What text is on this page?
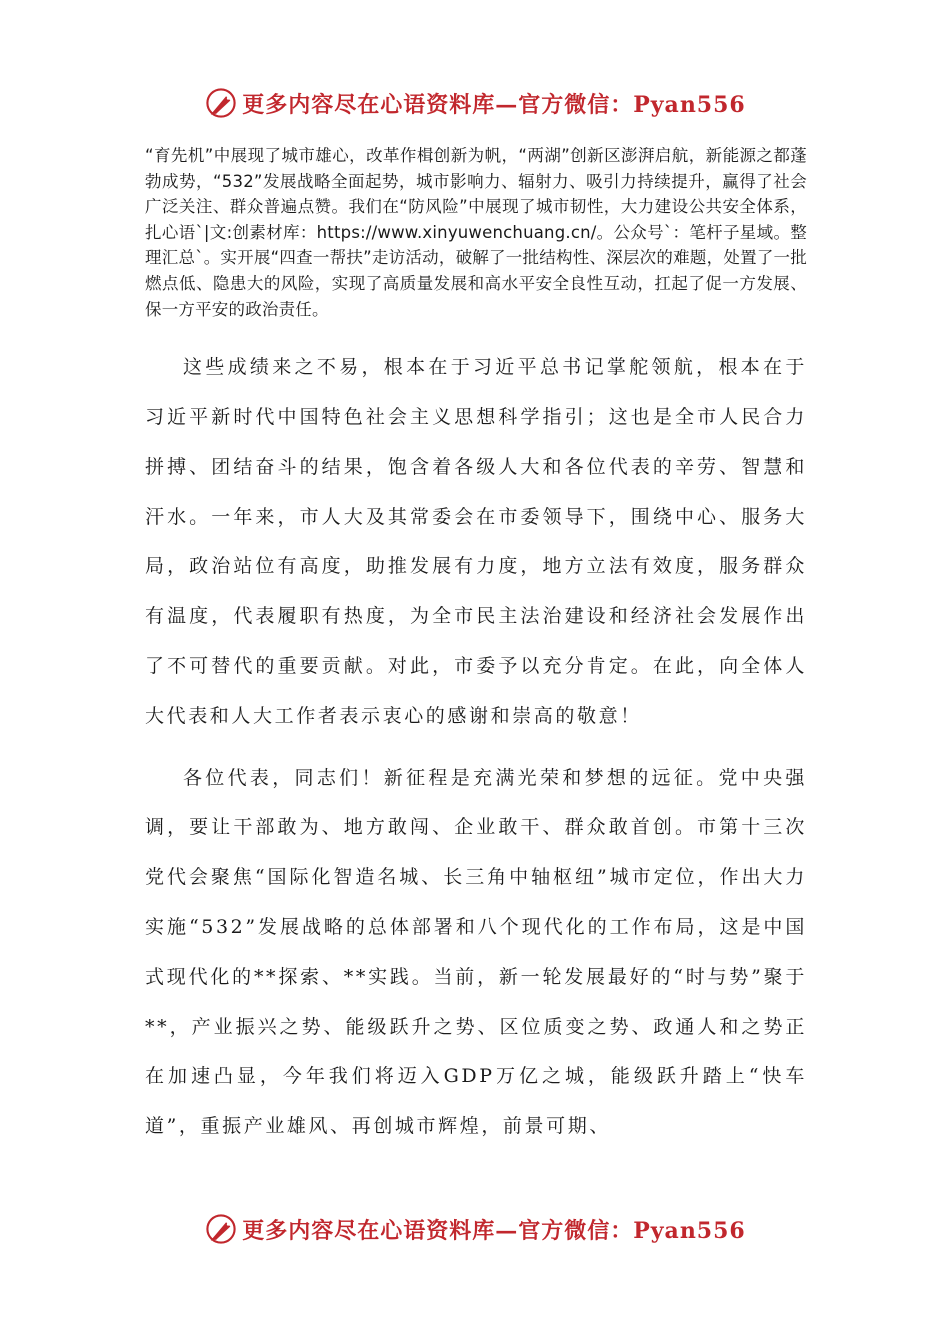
更多内容尽在心语资料库—官方微信：Pyan556

“育先机”中展现了城市雄心，改革作楫创新为帆，“两湖”创新区澎湃启航，新能源之都蓬勃成势，“532”发展战略全面起势，城市影响力、辐射力、吸引力持续提升，赢得了社会广泛关注、群众普遍点赞。我们在“防风险”中展现了城市韧性，大力建设公共安全体系，扎心语`|文:创素材库：https://www.xinyuwenchuang.cn/。公众号`：笔杆子星域。整理汇总`。实开展“四查一帮扶”走访活动，破解了一批结构性、深层次的难题，处置了一批燃点低、隐患大的风险，实现了高质量发展和高水平安全良性互动，扛起了促一方发展、保一方平安的政治责任。

这些成绩来之不易，根本在于习近平总书记掌舵领航，根本在于习近平新时代中国特色社会主义思想科学指引；这也是全市人民合力拼搏、团结奋斗的结果，饱含着各级人大和各位代表的辛劳、智慧和汗水。一年来，市人大及其常委会在市委领导下，围绕中心、服务大局，政治站位有高度，助推发展有力度，地方立法有效度，服务群众有温度，代表履职有热度，为全市民主法治建设和经济社会发展作出了不可替代的重要贡献。对此，市委予以充分肯定。在此，向全体人大代表和人大工作者表示衷心的感谢和崇高的敬意！

各位代表，同志们！新征程是充满光荣和梦想的远征。党中央强调，要让干部敢为、地方敢闯、企业敢干、群众敢首创。市第十三次党代会聚焦“国际化智造名城、长三角中轴枢纽”城市定位，作出大力实施“532”发展战略的总体部署和八个现代化的工作布局，这是中国式现代化的**探索、**实践。当前，新一轮发展最好的“时与势”聚于**，产业振兴之势、能级跃升之势、区位质变之势、政通人和之势正在加速凸显，今年我们将迈入GDP万亿之城，能级跃升踏上“快车道”，重振产业雄风、再创城市辉煌，前景可期、

更多内容尽在心语资料库—官方微信：Pyan556
